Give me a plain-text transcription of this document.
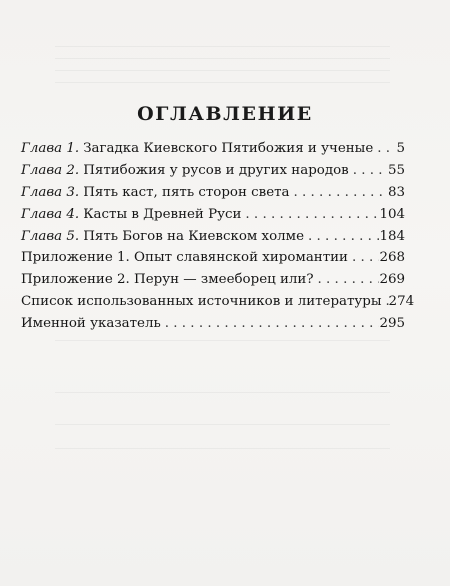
ОГЛАВЛЕНИЕ
Глава 1. Загадка Киевского Пятибожия и ученые . . .	5
Глава 2. Пятибожия у русов и других народов . . .	55
Глава 3. Пять каст, пять сторон света . . .	83
Глава 4. Касты в Древней Руси . . .	104
Глава 5. Пять Богов на Киевском холме . . .	184
Приложение 1. Опыт славянской хиромантии . . . 268
Приложение 2. Перун — змееборец или? . . .	269
Список использованных источников и литературы . . . 274
Именной указатель . . .	295
